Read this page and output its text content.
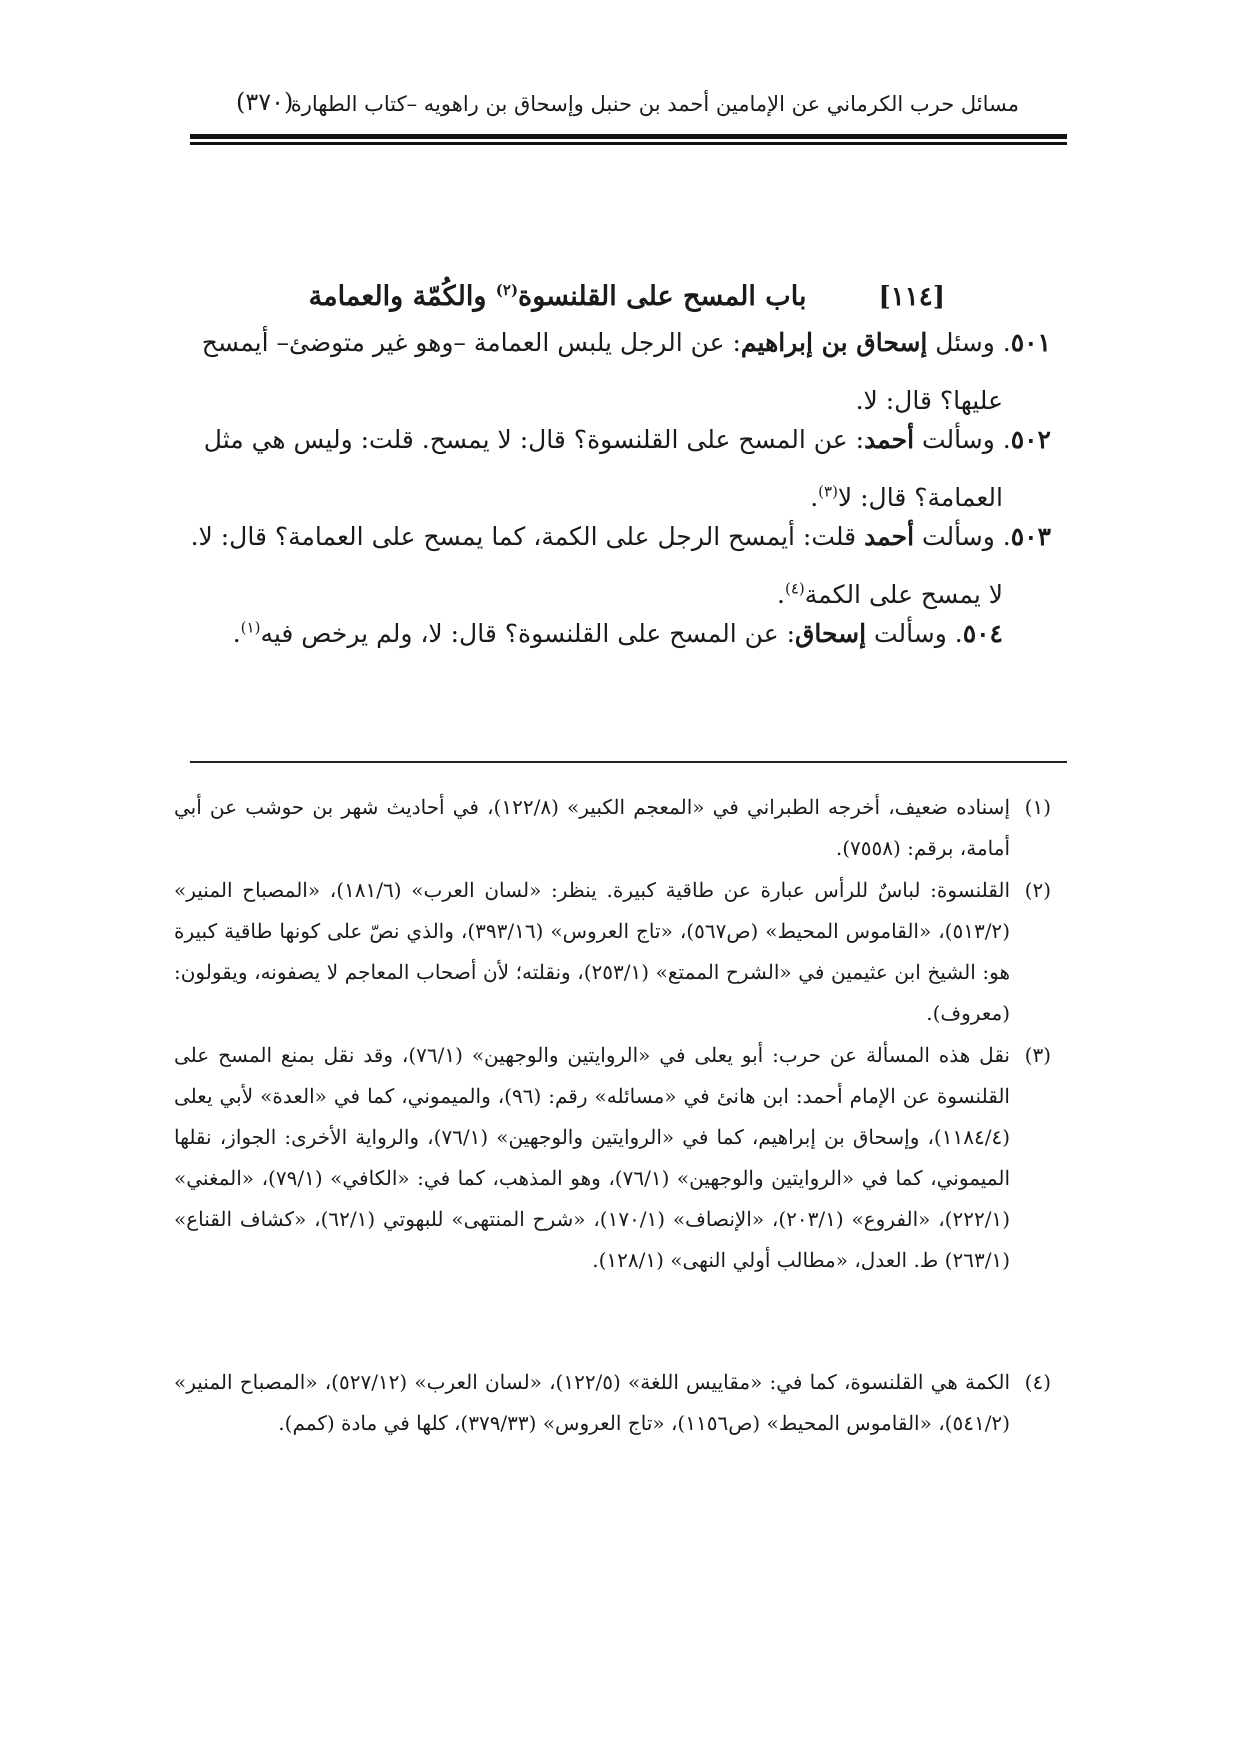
مسائل حرب الكرماني عن الإمامين أحمد بن حنبل وإسحاق بن راهويه –كتاب الطهارة
(٣٧٠)
[١١٤]باب المسح على القلنسوة$^{(٢)}$ والكُمّة والعمامة
٥٠١. وسئل إسحاق بن إبراهيم: عن الرجل يلبس العمامة –وهو غير متوضئ– أيمسح
عليها؟ قال: لا.
٥٠٢. وسألت أحمد: عن المسح على القلنسوة؟ قال: لا يمسح. قلت: وليس هي مثل
العمامة؟ قال: لا$^{(٣)}$.
٥٠٣. وسألت أحمد قلت: أيمسح الرجل على الكمة، كما يمسح على العمامة؟ قال: لا.
لا يمسح على الكمة$^{(٤)}$.
٥٠٤. وسألت إسحاق: عن المسح على القلنسوة؟ قال: لا، ولم يرخص فيه$^{(١)}$.
(١)
إسناده ضعيف، أخرجه الطبراني في «المعجم الكبير» (١٢٢/٨)، في أحاديث شهر بن حوشب عن أبي أمامة، برقم: (٧٥٥٨).
(٢)
القلنسوة: لباسٌ للرأس عبارة عن طاقية كبيرة. ينظر: «لسان العرب» (١٨١/٦)، «المصباح المنير» (٥١٣/٢)، «القاموس المحيط» (ص٥٦٧)، «تاج العروس» (٣٩٣/١٦)، والذي نصّ على كونها طاقية كبيرة هو: الشيخ ابن عثيمين في «الشرح الممتع» (٢٥٣/١)، ونقلته؛ لأن أصحاب المعاجم لا يصفونه، ويقولون: (معروف).
(٣)
نقل هذه المسألة عن حرب: أبو يعلى في «الروايتين والوجهين» (٧٦/١)، وقد نقل بمنع المسح على القلنسوة عن الإمام أحمد: ابن هانئ في «مسائله» رقم: (٩٦)، والميموني، كما في «العدة» لأبي يعلى (١١٨٤/٤)، وإسحاق بن إبراهيم، كما في «الروايتين والوجهين» (٧٦/١)، والرواية الأخرى: الجواز، نقلها الميموني، كما في «الروايتين والوجهين» (٧٦/١)، وهو المذهب، كما في: «الكافي» (٧٩/١)، «المغني» (٢٢٢/١)، «الفروع» (٢٠٣/١)، «الإنصاف» (١٧٠/١)، «شرح المنتهى» للبهوتي (٦٢/١)، «كشاف القناع» (٢٦٣/١) ط. العدل، «مطالب أولي النهى» (١٢٨/١).
(٤)
الكمة هي القلنسوة، كما في: «مقاييس اللغة» (١٢٢/٥)، «لسان العرب» (٥٢٧/١٢)، «المصباح المنير» (٥٤١/٢)، «القاموس المحيط» (ص١١٥٦)، «تاج العروس» (٣٧٩/٣٣)، كلها في مادة (كمم).
